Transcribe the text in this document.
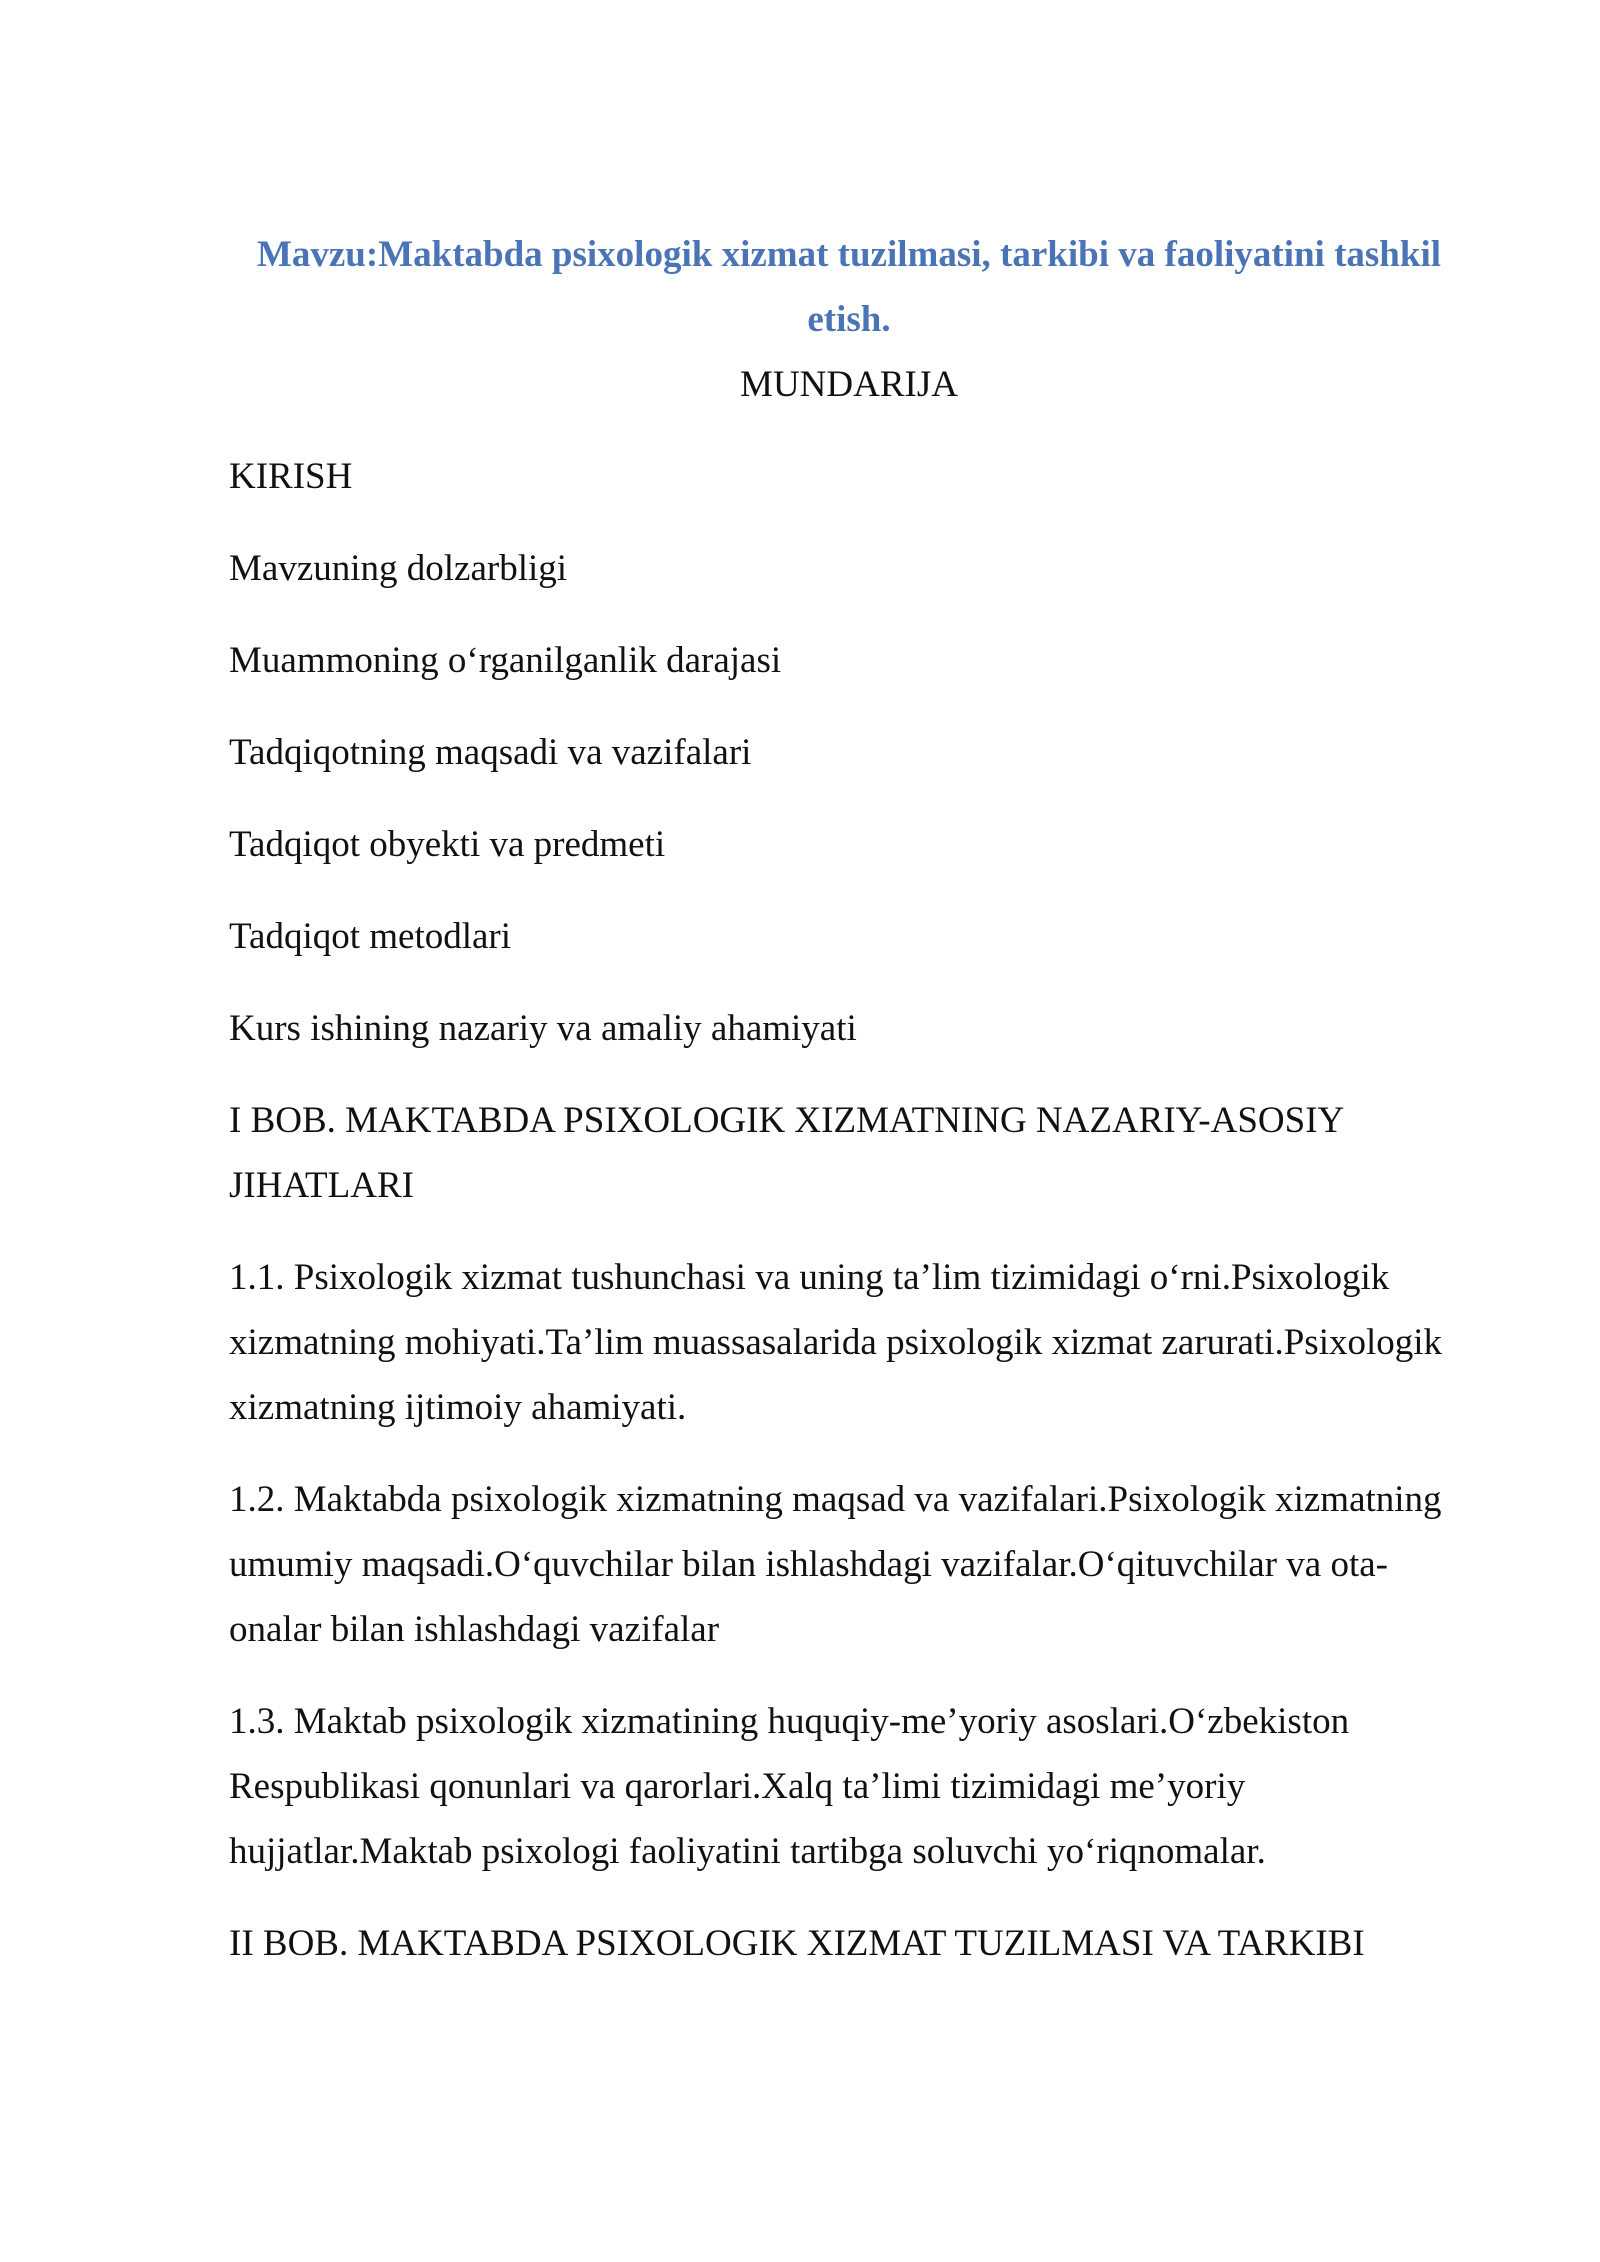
Mavzu:Maktabda psixologik xizmat tuzilmasi, tarkibi va faoliyatini tashkil etish.

MUNDARIJA

KIRISH

Mavzuning dolzarbligi

Muammoning o‘rganilganlik darajasi

Tadqiqotning maqsadi va vazifalari

Tadqiqot obyekti va predmeti

Tadqiqot metodlari

Kurs ishining nazariy va amaliy ahamiyati

I BOB. MAKTABDA PSIXOLOGIK XIZMATNING NAZARIY-ASOSIY JIHATLARI

1.1. Psixologik xizmat tushunchasi va uning ta’lim tizimidagi o‘rni.Psixologik xizmatning mohiyati.Ta’lim muassasalarida psixologik xizmat zarurati.Psixologik xizmatning ijtimoiy ahamiyati.

1.2. Maktabda psixologik xizmatning maqsad va vazifalari.Psixologik xizmatning umumiy maqsadi.O‘quvchilar bilan ishlashdagi vazifalar.O‘qituvchilar va ota-onalar bilan ishlashdagi vazifalar

1.3. Maktab psixologik xizmatining huquqiy-me’yoriy asoslari.O‘zbekiston Respublikasi qonunlari va qarorlari.Xalq ta’limi tizimidagi me’yoriy hujjatlar.Maktab psixologi faoliyatini tartibga soluvchi yo‘riqnomalar.

II BOB. MAKTABDA PSIXOLOGIK XIZMAT TUZILMASI VA TARKIBI
